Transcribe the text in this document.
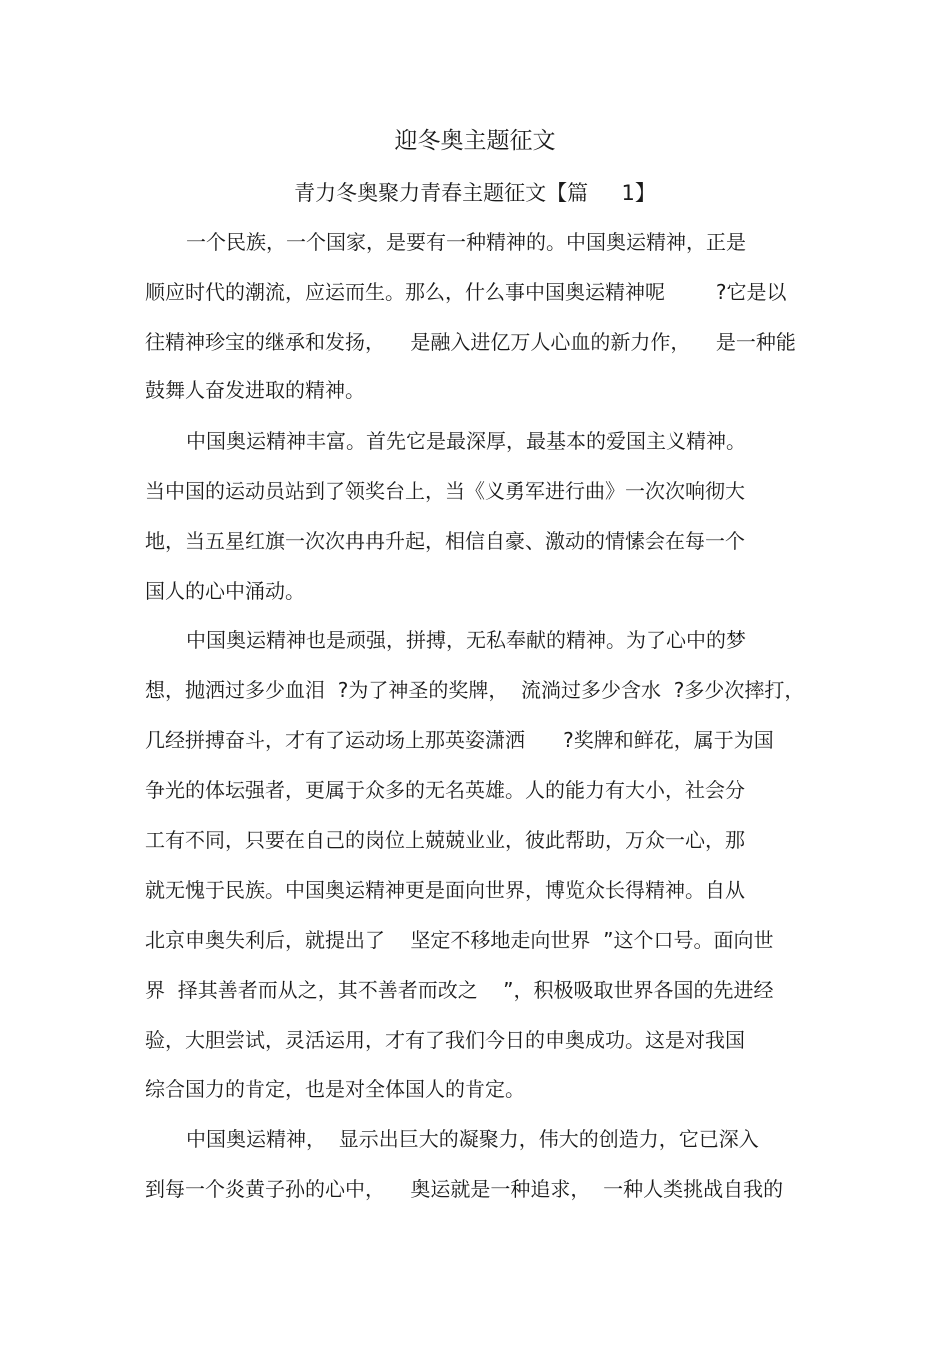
迎冬奥主题征文
青力冬奥聚力青春主题征文【篇     1】
一个民族，一个国家，是要有一种精神的。中国奥运精神，正是
顺应时代的潮流，应运而生。那么，什么事中国奥运精神呢        ?它是以
往精神珍宝的继承和发扬，    是融入进亿万人心血的新力作，    是一种能
鼓舞人奋发进取的精神。
中国奥运精神丰富。首先它是最深厚，最基本的爱国主义精神。
当中国的运动员站到了领奖台上，当《义勇军进行曲》一次次响彻大
地，当五星红旗一次次冉冉升起，相信自豪、激动的情愫会在每一个
国人的心中涌动。
中国奥运精神也是顽强，拼搏，无私奉献的精神。为了心中的梦
想，抛洒过多少血泪  ?为了神圣的奖牌，  流淌过多少含水  ?多少次摔打，
几经拼搏奋斗，才有了运动场上那英姿潇洒      ?奖牌和鲜花，属于为国
争光的体坛强者，更属于众多的无名英雄。人的能力有大小，社会分
工有不同，只要在自己的岗位上兢兢业业，彼此帮助，万众一心，那
就无愧于民族。中国奥运精神更是面向世界，博览众长得精神。自从
北京申奥失利后，就提出了    坚定不移地走向世界  ”这个口号。面向世
界  择其善者而从之，其不善者而改之    ”，积极吸取世界各国的先进经
验，大胆尝试，灵活运用，才有了我们今日的申奥成功。这是对我国
综合国力的肯定，也是对全体国人的肯定。
中国奥运精神，  显示出巨大的凝聚力，伟大的创造力，它已深入
到每一个炎黄子孙的心中，    奥运就是一种追求，  一种人类挑战自我的
